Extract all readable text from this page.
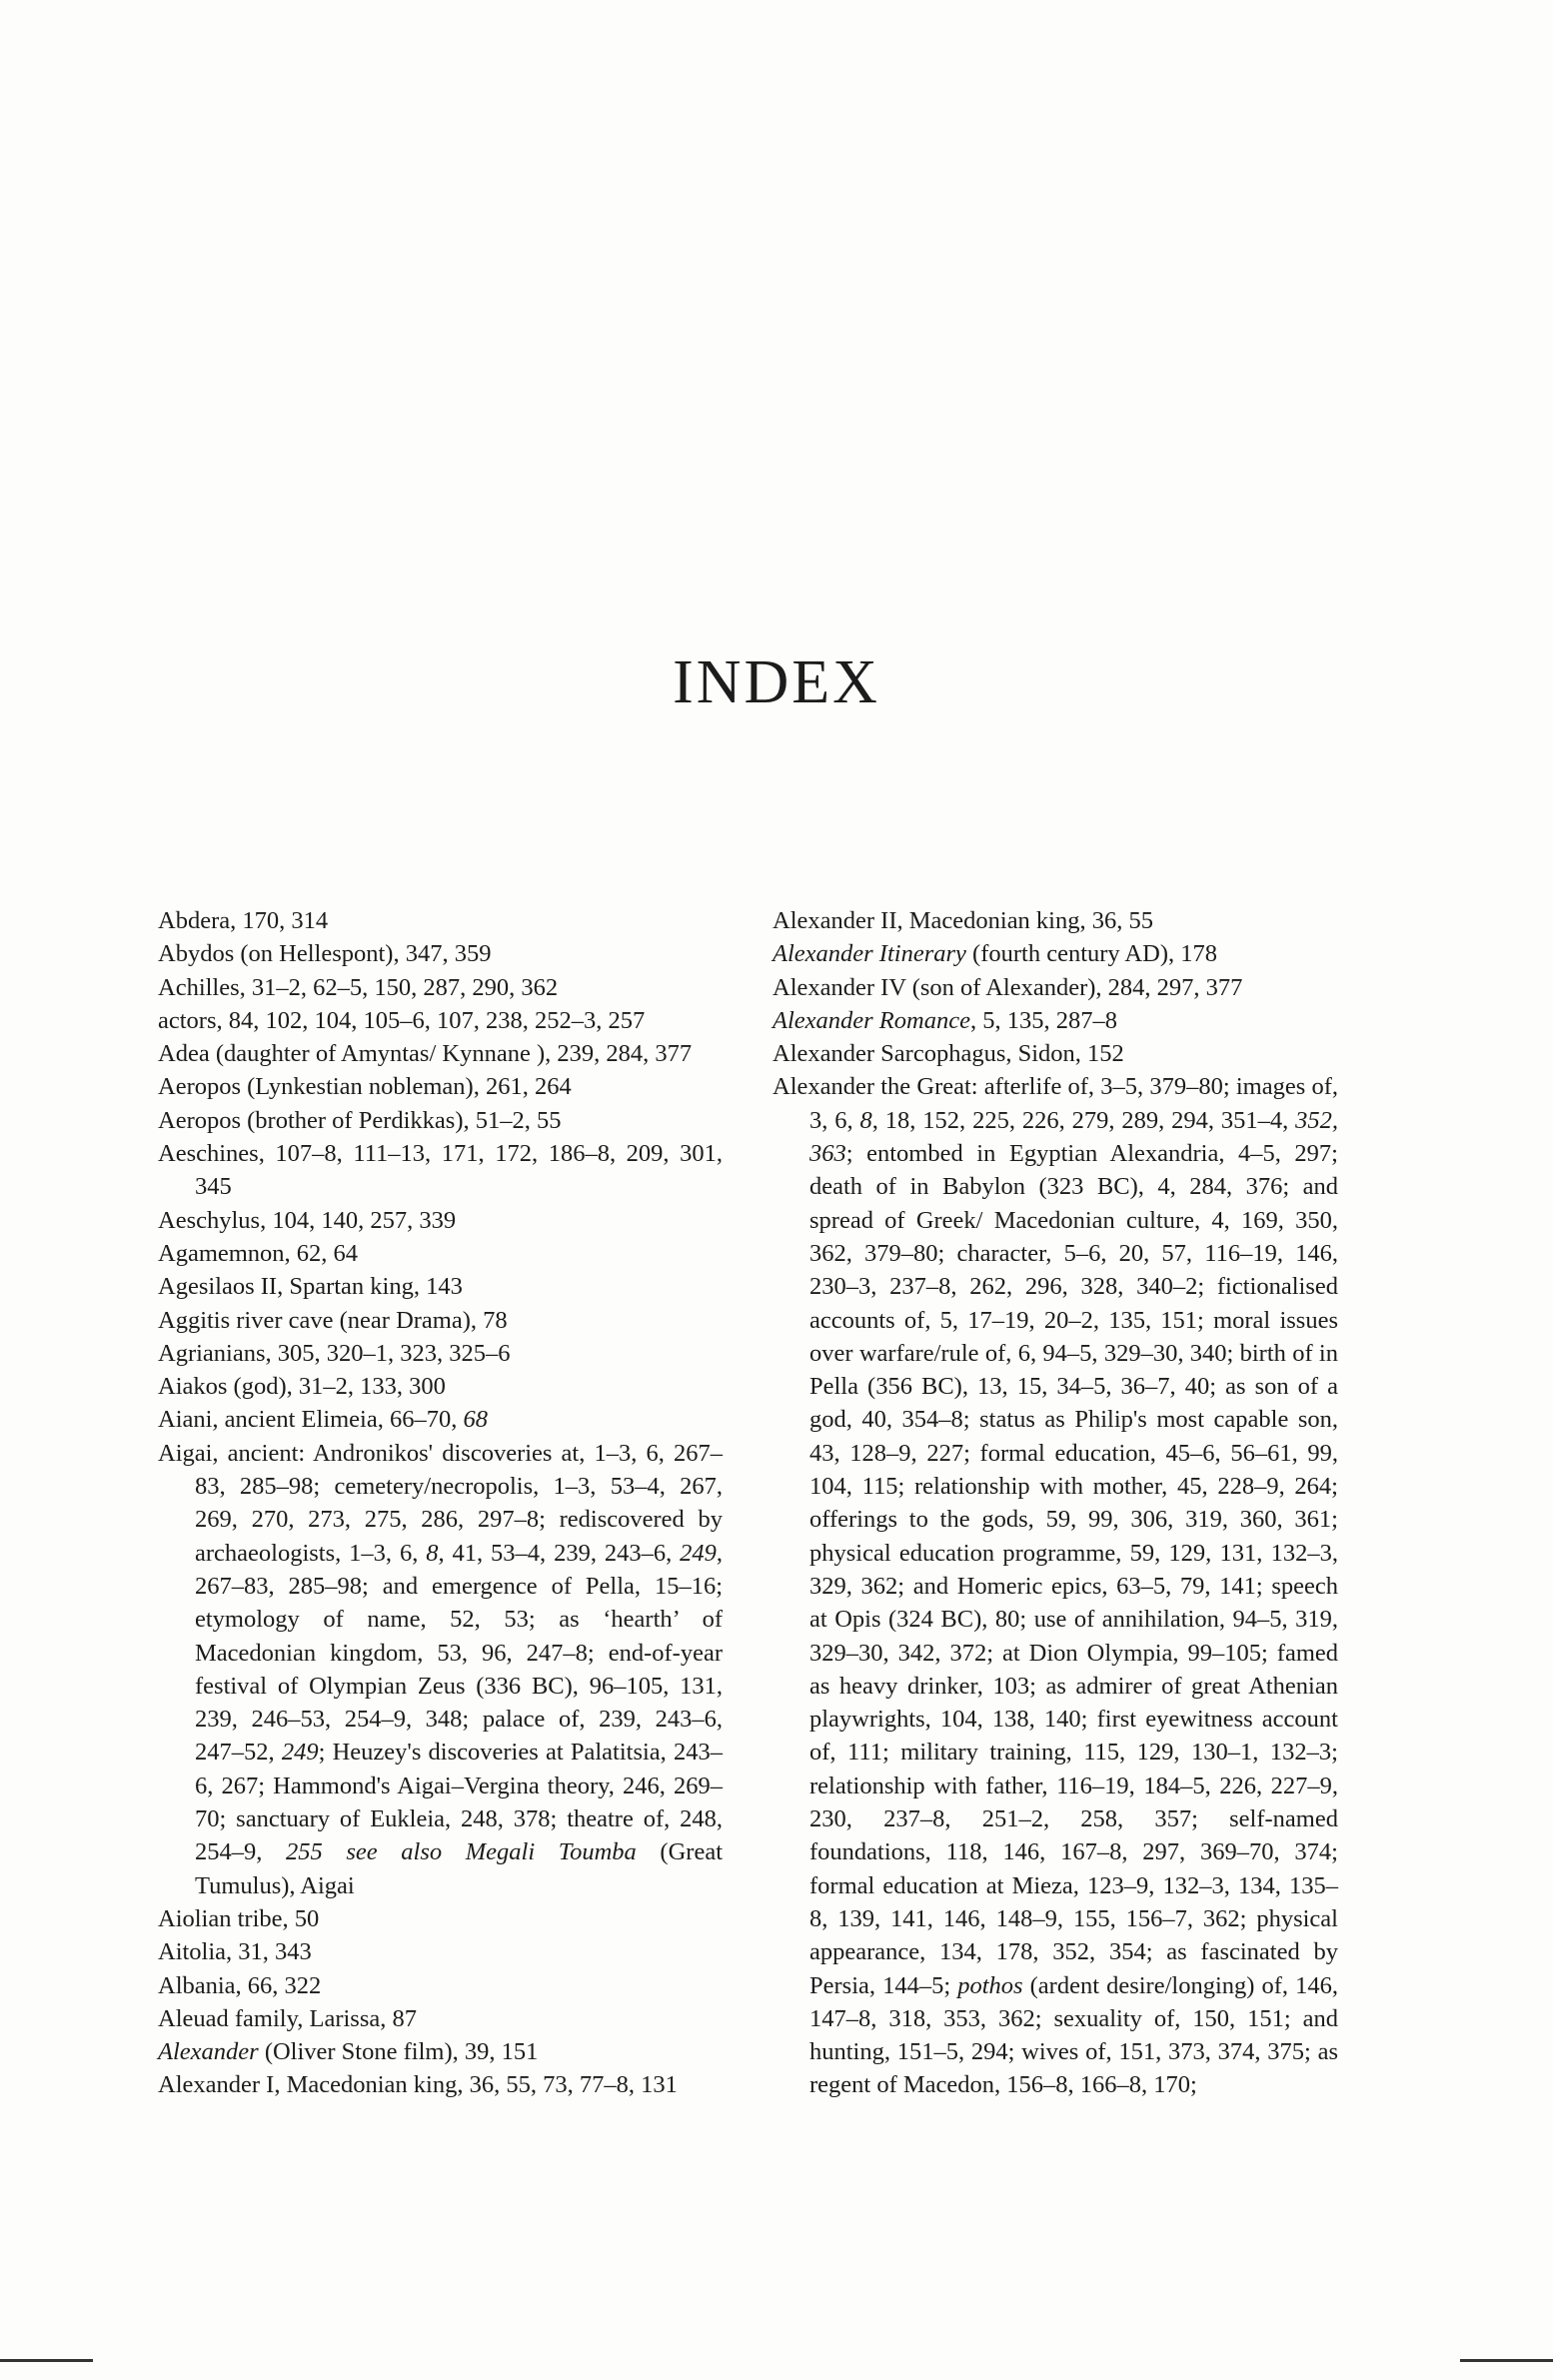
INDEX

Abdera, 170, 314

Abydos (on Hellespont), 347, 359

Achilles, 31–2, 62–5, 150, 287, 290, 362

actors, 84, 102, 104, 105–6, 107, 238, 252–3, 257

Adea (daughter of Amyntas/ Kynnane ), 239, 284, 377

Aeropos (Lynkestian nobleman), 261, 264

Aeropos (brother of Perdikkas), 51–2, 55

Aeschines, 107–8, 111–13, 171, 172, 186–8, 209, 301, 345

Aeschylus, 104, 140, 257, 339

Agamemnon, 62, 64

Agesilaos II, Spartan king, 143

Aggitis river cave (near Drama), 78

Agrianians, 305, 320–1, 323, 325–6

Aiakos (god), 31–2, 133, 300

Aiani, ancient Elimeia, 66–70, 68

Aigai, ancient: Andronikos' discoveries at, 1–3, 6, 267–83, 285–98; cemetery/necropolis, 1–3, 53–4, 267, 269, 270, 273, 275, 286, 297–8; rediscovered by archaeologists, 1–3, 6, 8, 41, 53–4, 239, 243–6, 249, 267–83, 285–98; and emergence of Pella, 15–16; etymology of name, 52, 53; as ‘hearth’ of Macedonian kingdom, 53, 96, 247–8; end-of-year festival of Olympian Zeus (336 BC), 96–105, 131, 239, 246–53, 254–9, 348; palace of, 239, 243–6, 247–52, 249; Heuzey's discoveries at Palatitsia, 243–6, 267; Hammond's Aigai–Vergina theory, 246, 269–70; sanctuary of Eukleia, 248, 378; theatre of, 248, 254–9, 255 see also Megali Toumba (Great Tumulus), Aigai

Aiolian tribe, 50

Aitolia, 31, 343

Albania, 66, 322

Aleuad family, Larissa, 87

Alexander (Oliver Stone film), 39, 151

Alexander I, Macedonian king, 36, 55, 73, 77–8, 131

Alexander II, Macedonian king, 36, 55

Alexander Itinerary (fourth century AD), 178

Alexander IV (son of Alexander), 284, 297, 377

Alexander Romance, 5, 135, 287–8

Alexander Sarcophagus, Sidon, 152

Alexander the Great: afterlife of, 3–5, 379–80; images of, 3, 6, 8, 18, 152, 225, 226, 279, 289, 294, 351–4, 352, 363; entombed in Egyptian Alexandria, 4–5, 297; death of in Babylon (323 BC), 4, 284, 376; and spread of Greek/ Macedonian culture, 4, 169, 350, 362, 379–80; character, 5–6, 20, 57, 116–19, 146, 230–3, 237–8, 262, 296, 328, 340–2; fictionalised accounts of, 5, 17–19, 20–2, 135, 151; moral issues over warfare/rule of, 6, 94–5, 329–30, 340; birth of in Pella (356 BC), 13, 15, 34–5, 36–7, 40; as son of a god, 40, 354–8; status as Philip's most capable son, 43, 128–9, 227; formal education, 45–6, 56–61, 99, 104, 115; relationship with mother, 45, 228–9, 264; offerings to the gods, 59, 99, 306, 319, 360, 361; physical education programme, 59, 129, 131, 132–3, 329, 362; and Homeric epics, 63–5, 79, 141; speech at Opis (324 BC), 80; use of annihilation, 94–5, 319, 329–30, 342, 372; at Dion Olympia, 99–105; famed as heavy drinker, 103; as admirer of great Athenian playwrights, 104, 138, 140; first eyewitness account of, 111; military training, 115, 129, 130–1, 132–3; relationship with father, 116–19, 184–5, 226, 227–9, 230, 237–8, 251–2, 258, 357; self-named foundations, 118, 146, 167–8, 297, 369–70, 374; formal education at Mieza, 123–9, 132–3, 134, 135–8, 139, 141, 146, 148–9, 155, 156–7, 362; physical appearance, 134, 178, 352, 354; as fascinated by Persia, 144–5; pothos (ardent desire/longing) of, 146, 147–8, 318, 353, 362; sexuality of, 150, 151; and hunting, 151–5, 294; wives of, 151, 373, 374, 375; as regent of Macedon, 156–8, 166–8, 170;
